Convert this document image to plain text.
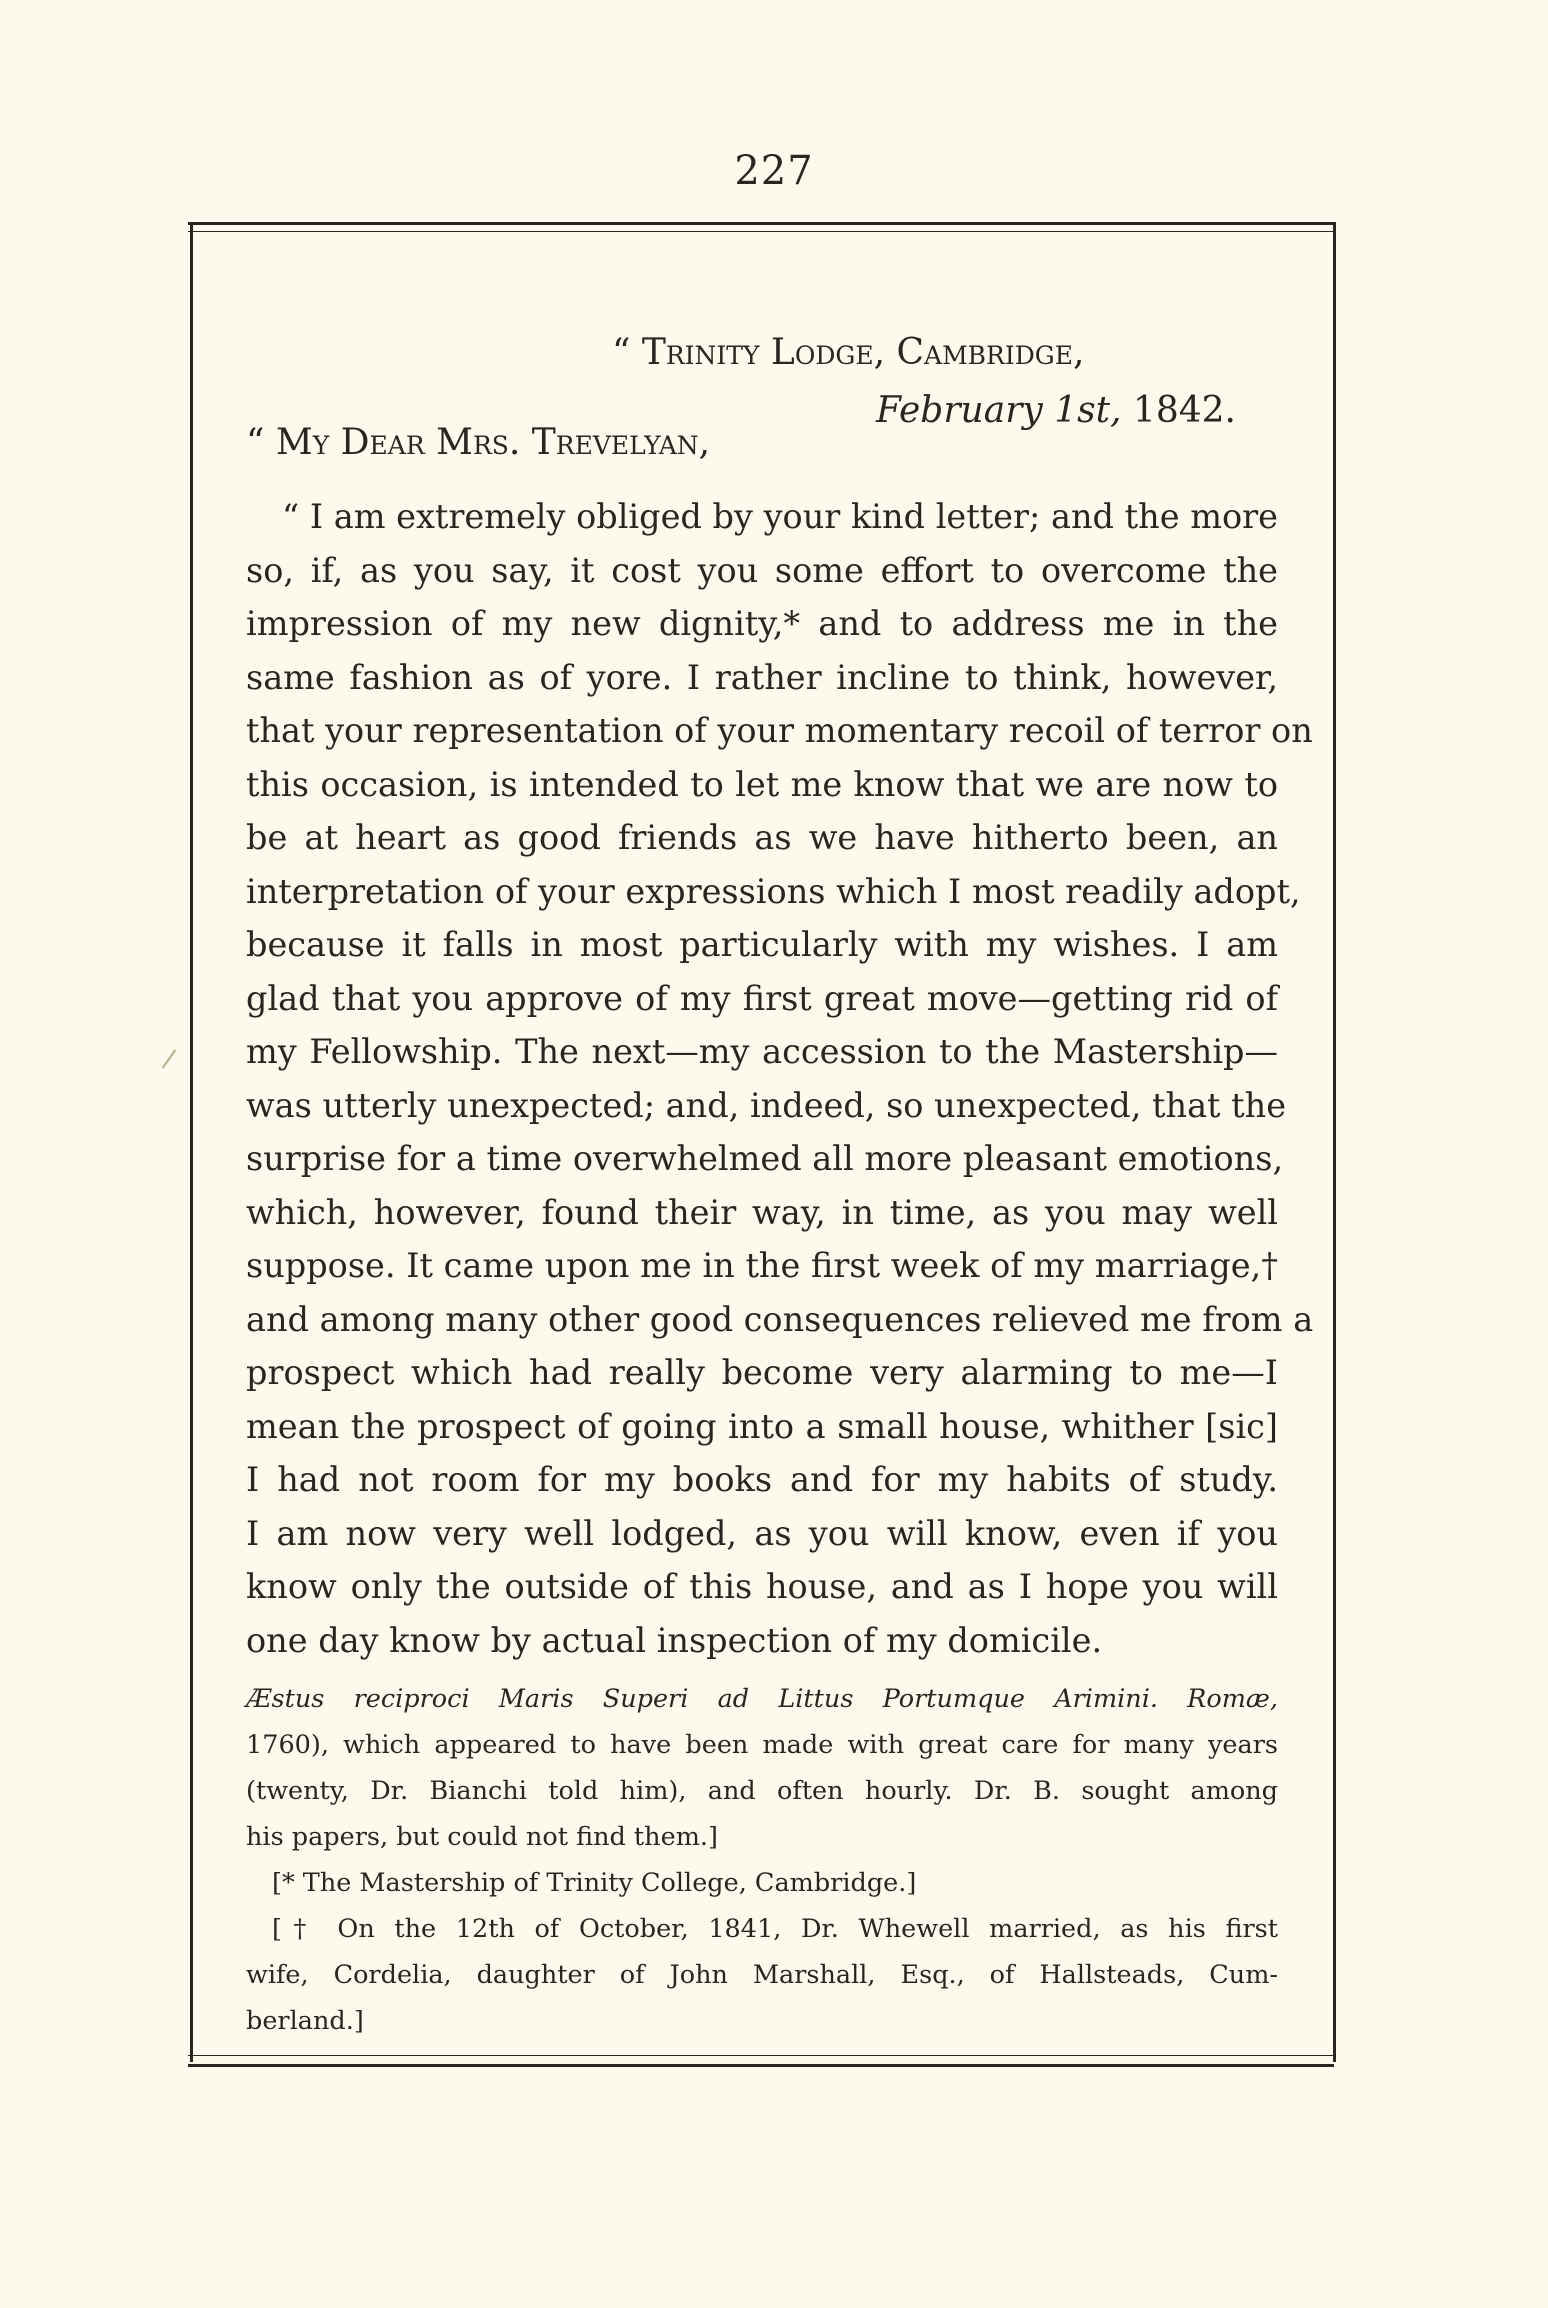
227
“ Trinity Lodge, Cambridge,
February 1st, 1842.
“ My Dear Mrs. Trevelyan,
“ I am extremely obliged by your kind letter; and the more
so, if, as you say, it cost you some effort to overcome the
impression of my new dignity,* and to address me in the
same fashion as of yore. I rather incline to think, however,
that your representation of your momentary recoil of terror on
this occasion, is intended to let me know that we are now to
be at heart as good friends as we have hitherto been, an
interpretation of your expressions which I most readily adopt,
because it falls in most particularly with my wishes. I am
glad that you approve of my first great move—getting rid of
my Fellowship. The next—my accession to the Mastership—
was utterly unexpected; and, indeed, so unexpected, that the
surprise for a time overwhelmed all more pleasant emotions,
which, however, found their way, in time, as you may well
suppose. It came upon me in the first week of my marriage,†
and among many other good consequences relieved me from a
prospect which had really become very alarming to me—I
mean the prospect of going into a small house, whither [sic]
I had not room for my books and for my habits of study.
I am now very well lodged, as you will know, even if you
know only the outside of this house, and as I hope you will
one day know by actual inspection of my domicile.
Æstus reciproci Maris Superi ad Littus Portumque Arimini. Romæ,
1760), which appeared to have been made with great care for many years
(twenty, Dr. Bianchi told him), and often hourly. Dr. B. sought among
his papers, but could not find them.]
[* The Mastership of Trinity College, Cambridge.]
[† On the 12th of October, 1841, Dr. Whewell married, as his first
wife, Cordelia, daughter of John Marshall, Esq., of Hallsteads, Cum-
berland.]
